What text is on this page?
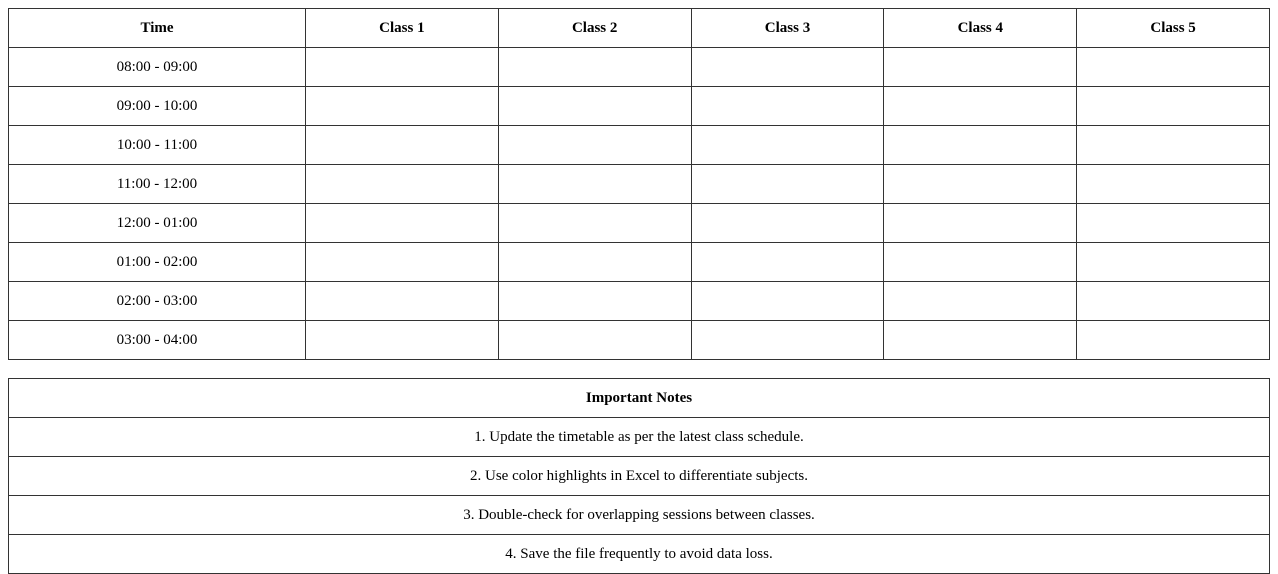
Time	Class 1	Class 2	Class 3	Class 4	Class 5
08:00 - 09:00					
09:00 - 10:00					
10:00 - 11:00					
11:00 - 12:00					
12:00 - 01:00					
01:00 - 02:00					
02:00 - 03:00					
03:00 - 04:00					
Important Notes
1. Update the timetable as per the latest class schedule.
2. Use color highlights in Excel to differentiate subjects.
3. Double-check for overlapping sessions between classes.
4. Save the file frequently to avoid data loss.
